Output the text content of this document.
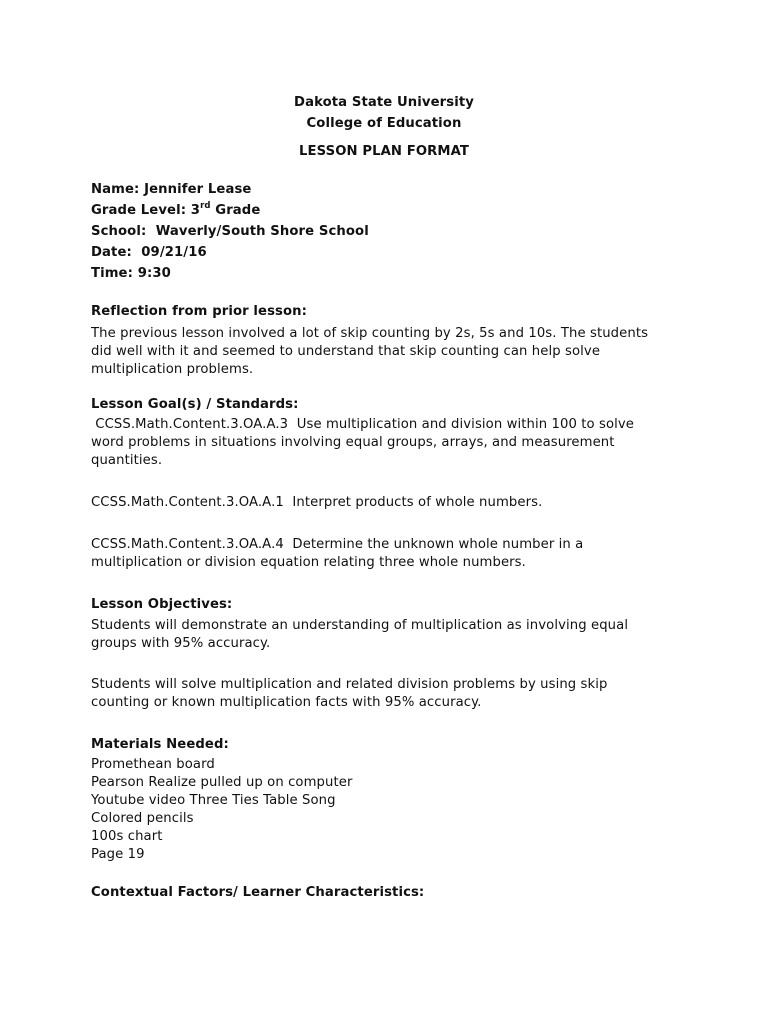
Dakota State University

College of Education

LESSON PLAN FORMAT

Name: Jennifer Lease

Grade Level: 3rd Grade

School: Waverly/South Shore School

Date: 09/21/16

Time: 9:30

Reflection from prior lesson:

The previous lesson involved a lot of skip counting by 2s, 5s and 10s. The students

did well with it and seemed to understand that skip counting can help solve

multiplication problems.

Lesson Goal(s) / Standards:

CCSS.Math.Content.3.OA.A.3  Use multiplication and division within 100 to solve

word problems in situations involving equal groups, arrays, and measurement

quantities.

CCSS.Math.Content.3.OA.A.1  Interpret products of whole numbers.

CCSS.Math.Content.3.OA.A.4  Determine the unknown whole number in a

multiplication or division equation relating three whole numbers.

Lesson Objectives:

Students will demonstrate an understanding of multiplication as involving equal

groups with 95% accuracy.

Students will solve multiplication and related division problems by using skip

counting or known multiplication facts with 95% accuracy.

Materials Needed:

Promethean board

Pearson Realize pulled up on computer

Youtube video Three Ties Table Song

Colored pencils

100s chart

Page 19

Contextual Factors/ Learner Characteristics:
